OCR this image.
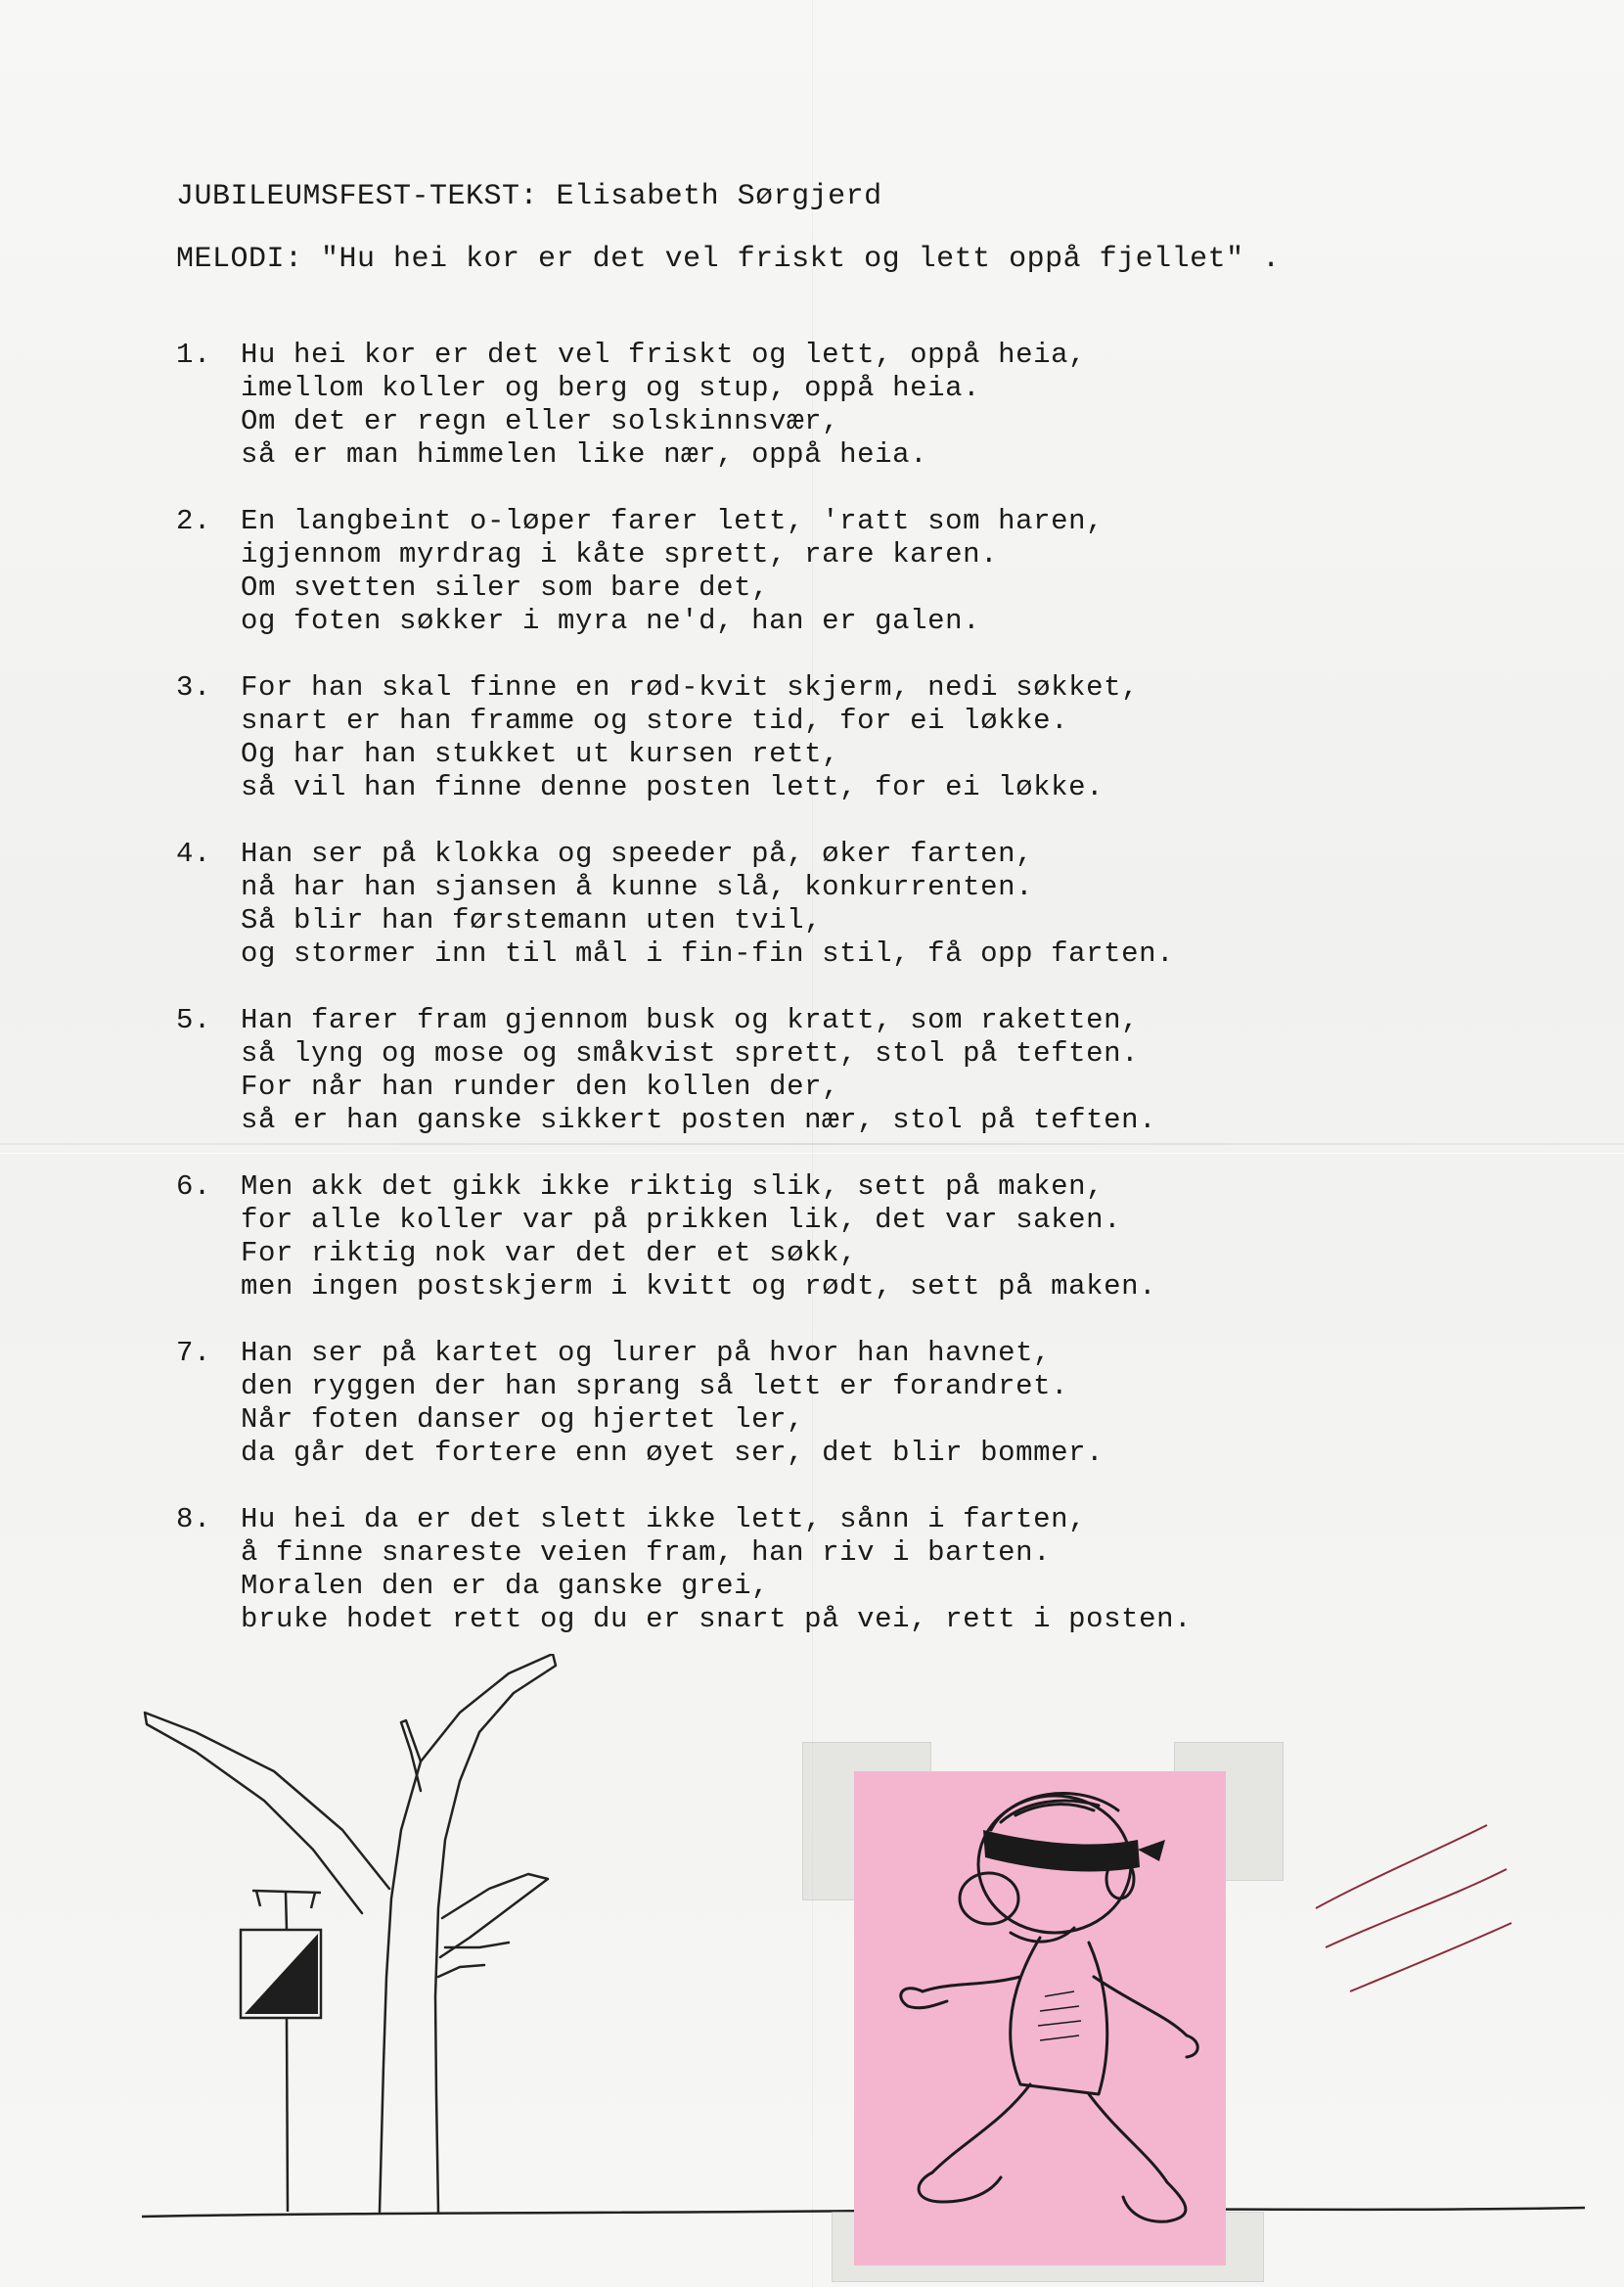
JUBILEUMSFEST-TEKST: Elisabeth Sørgjerd
MELODI: "Hu hei kor er det vel friskt og lett oppå fjellet" .
1.	Hu hei kor er det vel friskt og lett, oppå heia,
imellom koller og berg og stup, oppå heia.
Om det er regn eller solskinnsvær,
så er man himmelen like nær, oppå heia.
2.	En langbeint o-løper farer lett, 'ratt som haren,
igjennom myrdrag i kåte sprett, rare karen.
Om svetten siler som bare det,
og foten søkker i myra ne'd, han er galen.
3.	For han skal finne en rød-kvit skjerm, nedi søkket,
snart er han framme og store tid, for ei løkke.
Og har han stukket ut kursen rett,
så vil han finne denne posten lett, for ei løkke.
4.	Han ser på klokka og speeder på, øker farten,
nå har han sjansen å kunne slå, konkurrenten.
Så blir han førstemann uten tvil,
og stormer inn til mål i fin-fin stil, få opp farten.
5.	Han farer fram gjennom busk og kratt, som raketten,
så lyng og mose og småkvist sprett, stol på teften.
For når han runder den kollen der,
så er han ganske sikkert posten nær, stol på teften.
6.	Men akk det gikk ikke riktig slik, sett på maken,
for alle koller var på prikken lik, det var saken.
For riktig nok var det der et søkk,
men ingen postskjerm i kvitt og rødt, sett på maken.
7.	Han ser på kartet og lurer på hvor han havnet,
den ryggen der han sprang så lett er forandret.
Når foten danser og hjertet ler,
da går det fortere enn øyet ser, det blir bommer.
8.	Hu hei da er det slett ikke lett, sånn i farten,
å finne snareste veien fram, han riv i barten.
Moralen den er da ganske grei,
bruke hodet rett og du er snart på vei, rett i posten.
